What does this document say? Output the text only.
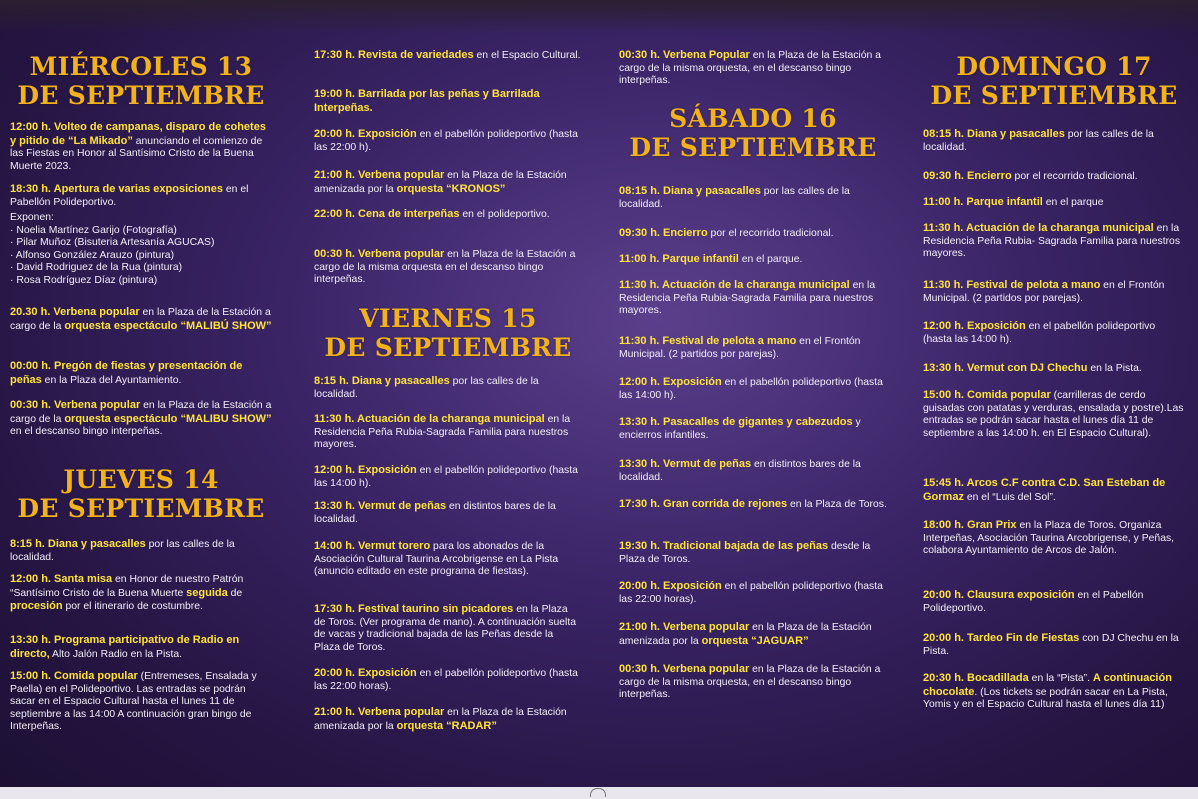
MIÉRCOLES 13
DE SEPTIEMBRE
12:00 h. Volteo de campanas, disparo de cohetes y pitido de “La Mikado” anunciando el comienzo de las Fiestas en Honor al Santísimo Cristo de la Buena Muerte 2023.
18:30 h. Apertura de varias exposiciones en el Pabellón Polideportivo.
Exponen:
· Noelia Martínez Garijo (Fotografía)
· Pilar Muñoz (Bisuteria Artesanía AGUCAS)
· Alfonso González Arauzo (pintura)
· David Rodriguez de la Rua (pintura)
· Rosa Rodríguez Díaz (pintura)
20.30 h. Verbena popular en la Plaza de la Estación a cargo de la orquesta espectáculo “MALIBÚ SHOW”
00:00 h. Pregón de fiestas y presentación de peñas en la Plaza del Ayuntamiento.
00:30 h. Verbena popular en la Plaza de la Estación a cargo de la orquesta espectáculo “MALIBU SHOW” en el descanso bingo interpeñas.
JUEVES 14
DE SEPTIEMBRE
8:15 h. Diana y pasacalles por las calles de la localidad.
12:00 h. Santa misa en Honor de nuestro Patrón “Santísimo Cristo de la Buena Muerte seguida de procesión por el itinerario de costumbre.
13:30 h. Programa participativo de Radio en directo, Alto Jalón Radio en la Pista.
15:00 h. Comida popular (Entremeses, Ensalada y Paella) en el Polideportivo. Las entradas se podrán sacar en el Espacio Cultural hasta el lunes 11 de septiembre a las 14:00 A continuación gran bingo de Interpeñas.
17:30 h. Revista de variedades en el Espacio Cultural.
19:00 h. Barrilada por las peñas y Barrilada Interpeñas.
20:00 h. Exposición en el pabellón polideportivo (hasta las 22:00 h).
21:00 h. Verbena popular en la Plaza de la Estación amenizada por la orquesta “KRONOS”
22:00 h. Cena de interpeñas en el polideportivo.
00:30 h. Verbena popular en la Plaza de la Estación a cargo de la misma orquesta en el descanso bingo interpeñas.
VIERNES 15
DE SEPTIEMBRE
8:15 h. Diana y pasacalles por las calles de la localidad.
11:30 h. Actuación de la charanga municipal en la Residencia Peña Rubia-Sagrada Familia para nuestros mayores.
12:00 h. Exposición en el pabellón polideportivo (hasta las 14:00 h).
13:30 h. Vermut de peñas en distintos bares de la localidad.
14:00 h. Vermut torero para los abonados de la Asociación Cultural Taurina Arcobrigense en La Pista (anuncio editado en este programa de fiestas).
17:30 h. Festival taurino sin picadores en la Plaza de Toros. (Ver programa de mano). A continuación suelta de vacas y tradicional bajada de las Peñas desde la Plaza de Toros.
20:00 h. Exposición en el pabellón polideportivo (hasta las 22:00 horas).
21:00 h. Verbena popular en la Plaza de la Estación amenizada por la orquesta “RADAR”
00:30 h. Verbena Popular en la Plaza de la Estación a cargo de la misma orquesta, en el descanso bingo interpeñas.
SÁBADO 16
DE SEPTIEMBRE
08:15 h. Diana y pasacalles por las calles de la localidad.
09:30 h. Encierro por el recorrido tradicional.
11:00 h. Parque infantil en el parque.
11:30 h. Actuación de la charanga municipal en la Residencia Peña Rubia-Sagrada Familia para nuestros mayores.
11:30 h. Festival de pelota a mano en el Frontón Municipal. (2 partidos por parejas).
12:00 h. Exposición en el pabellón polideportivo (hasta las 14:00 h).
13:30 h. Pasacalles de gigantes y cabezudos y encierros infantiles.
13:30 h. Vermut de peñas en distintos bares de la localidad.
17:30 h. Gran corrida de rejones en la Plaza de Toros.
19:30 h. Tradicional bajada de las peñas desde la Plaza de Toros.
20:00 h. Exposición en el pabellón polideportivo (hasta las 22:00 horas).
21:00 h. Verbena popular en la Plaza de la Estación amenizada por la orquesta “JAGUAR”
00:30 h. Verbena popular en la Plaza de la Estación a cargo de la misma orquesta, en el descanso bingo interpeñas.
DOMINGO 17
DE SEPTIEMBRE
08:15 h. Diana y pasacalles por las calles de la localidad.
09:30 h. Encierro por el recorrido tradicional.
11:00 h. Parque infantil en el parque
11:30 h. Actuación de la charanga municipal en la Residencia Peña Rubia- Sagrada Familia para nuestros mayores.
11:30 h. Festival de pelota a mano en el Frontón Municipal. (2 partidos por parejas).
12:00 h. Exposición en el pabellón polideportivo (hasta las 14:00 h).
13:30 h. Vermut con DJ Chechu en la Pista.
15:00 h. Comida popular (carrilleras de cerdo guisadas con patatas y verduras, ensalada y postre).Las entradas se podrán sacar hasta el lunes día 11 de septiembre a las 14:00 h. en El Espacio Cultural).
15:45 h. Arcos C.F contra C.D. San Esteban de Gormaz en el “Luis del Sol”.
18:00 h. Gran Prix en la Plaza de Toros. Organiza Interpeñas, Asociación Taurina Arcobrigense, y Peñas, colabora Ayuntamiento de Arcos de Jalón.
20:00 h. Clausura exposición en el Pabellón Polideportivo.
20:00 h. Tardeo Fin de Fiestas con DJ Chechu en la Pista.
20:30 h. Bocadillada en la “Pista”. A continuación chocolate. (Los tickets se podrán sacar en La Pista, Yomis y en el Espacio Cultural hasta el lunes día 11)
